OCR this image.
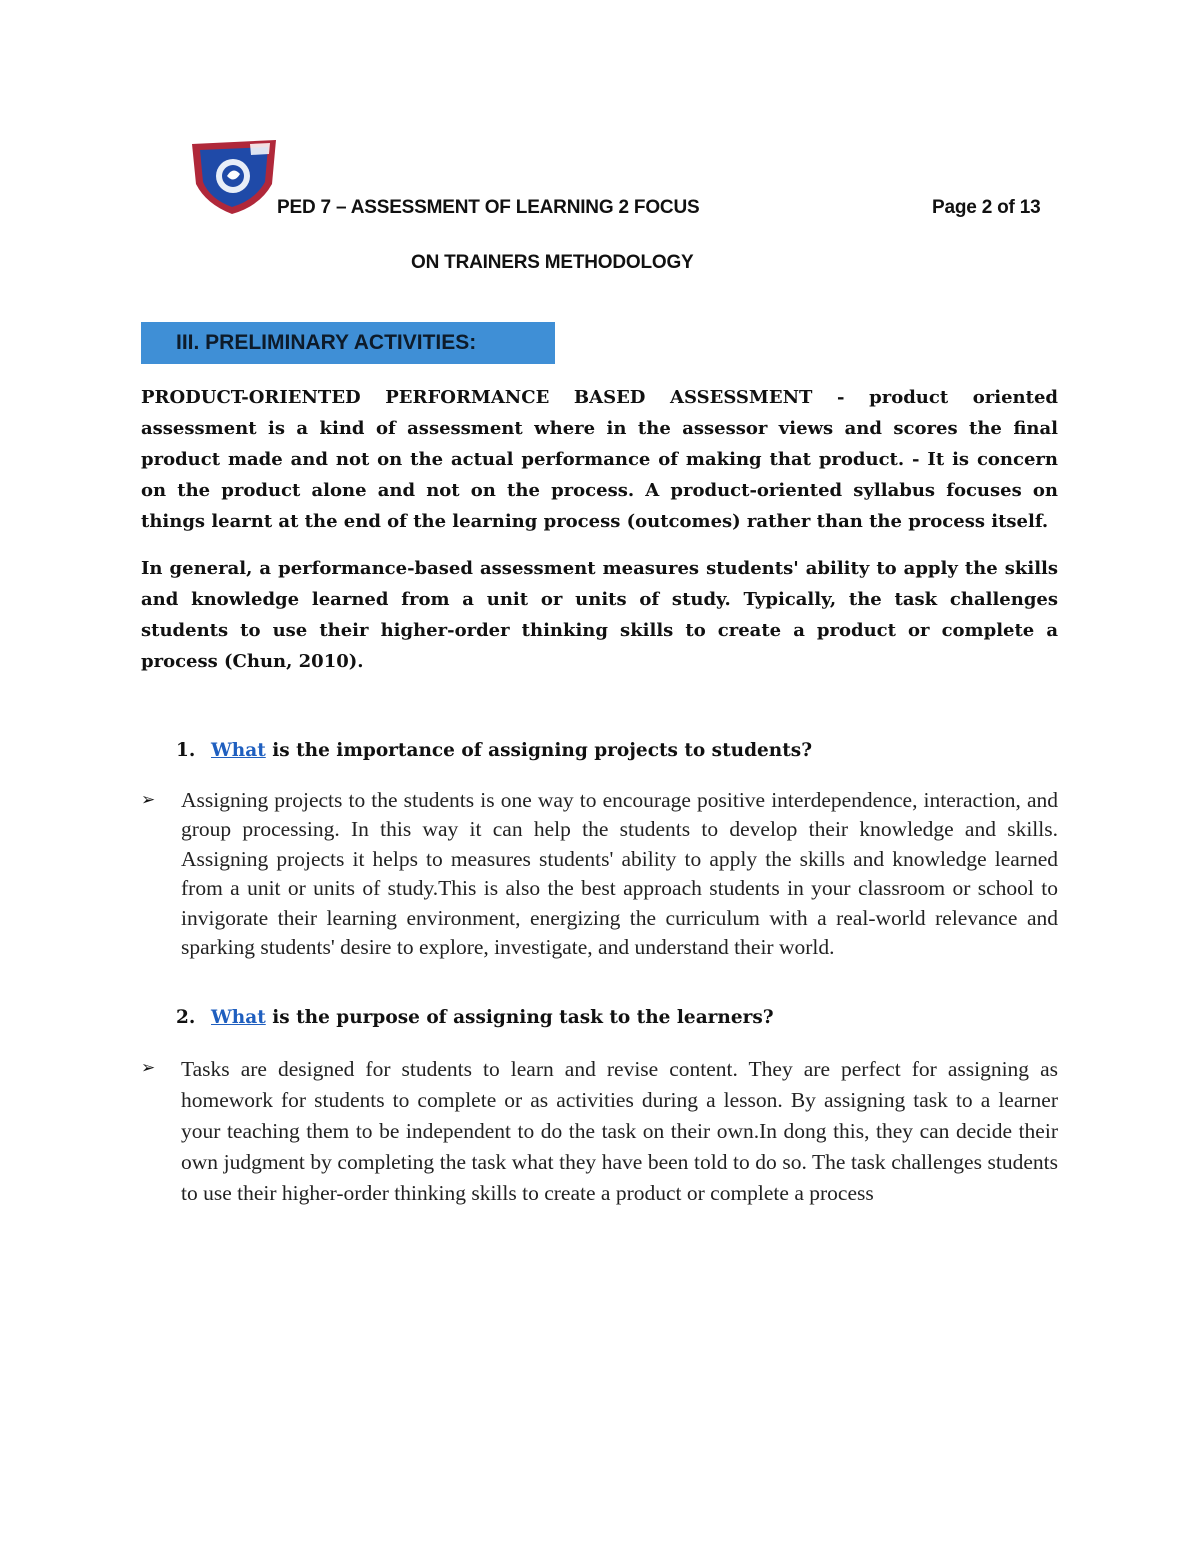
PED 7 – ASSESSMENT OF LEARNING 2 FOCUS	Page 2 of 13
ON TRAINERS METHODOLOGY
III. PRELIMINARY ACTIVITIES:

PRODUCT-ORIENTED PERFORMANCE BASED ASSESSMENT - product oriented assessment is a kind of assessment where in the assessor views and scores the final product made and not on the actual performance of making that product. - It is concern on the product alone and not on the process. A product-oriented syllabus focuses on things learnt at the end of the learning process (outcomes) rather than the process itself.

In general, a performance-based assessment measures students' ability to apply the skills and knowledge learned from a unit or units of study. Typically, the task challenges students to use their higher-order thinking skills to create a product or complete a process (Chun, 2010).

1. What is the importance of assigning projects to students?
➢ Assigning projects to the students is one way to encourage positive interdependence, interaction, and group processing. In this way it can help the students to develop their knowledge and skills. Assigning projects it helps to measures students' ability to apply the skills and knowledge learned from a unit or units of study.This is also the best approach students in your classroom or school to invigorate their learning environment, energizing the curriculum with a real-world relevance and sparking students' desire to explore, investigate, and understand their world.

2. What is the purpose of assigning task to the learners?
➢ Tasks are designed for students to learn and revise content. They are perfect for assigning as homework for students to complete or as activities during a lesson. By assigning task to a learner your teaching them to be independent to do the task on their own.In dong this, they can decide their own judgment by completing the task what they have been told to do so. The task challenges students to use their higher-order thinking skills to create a product or complete a process
